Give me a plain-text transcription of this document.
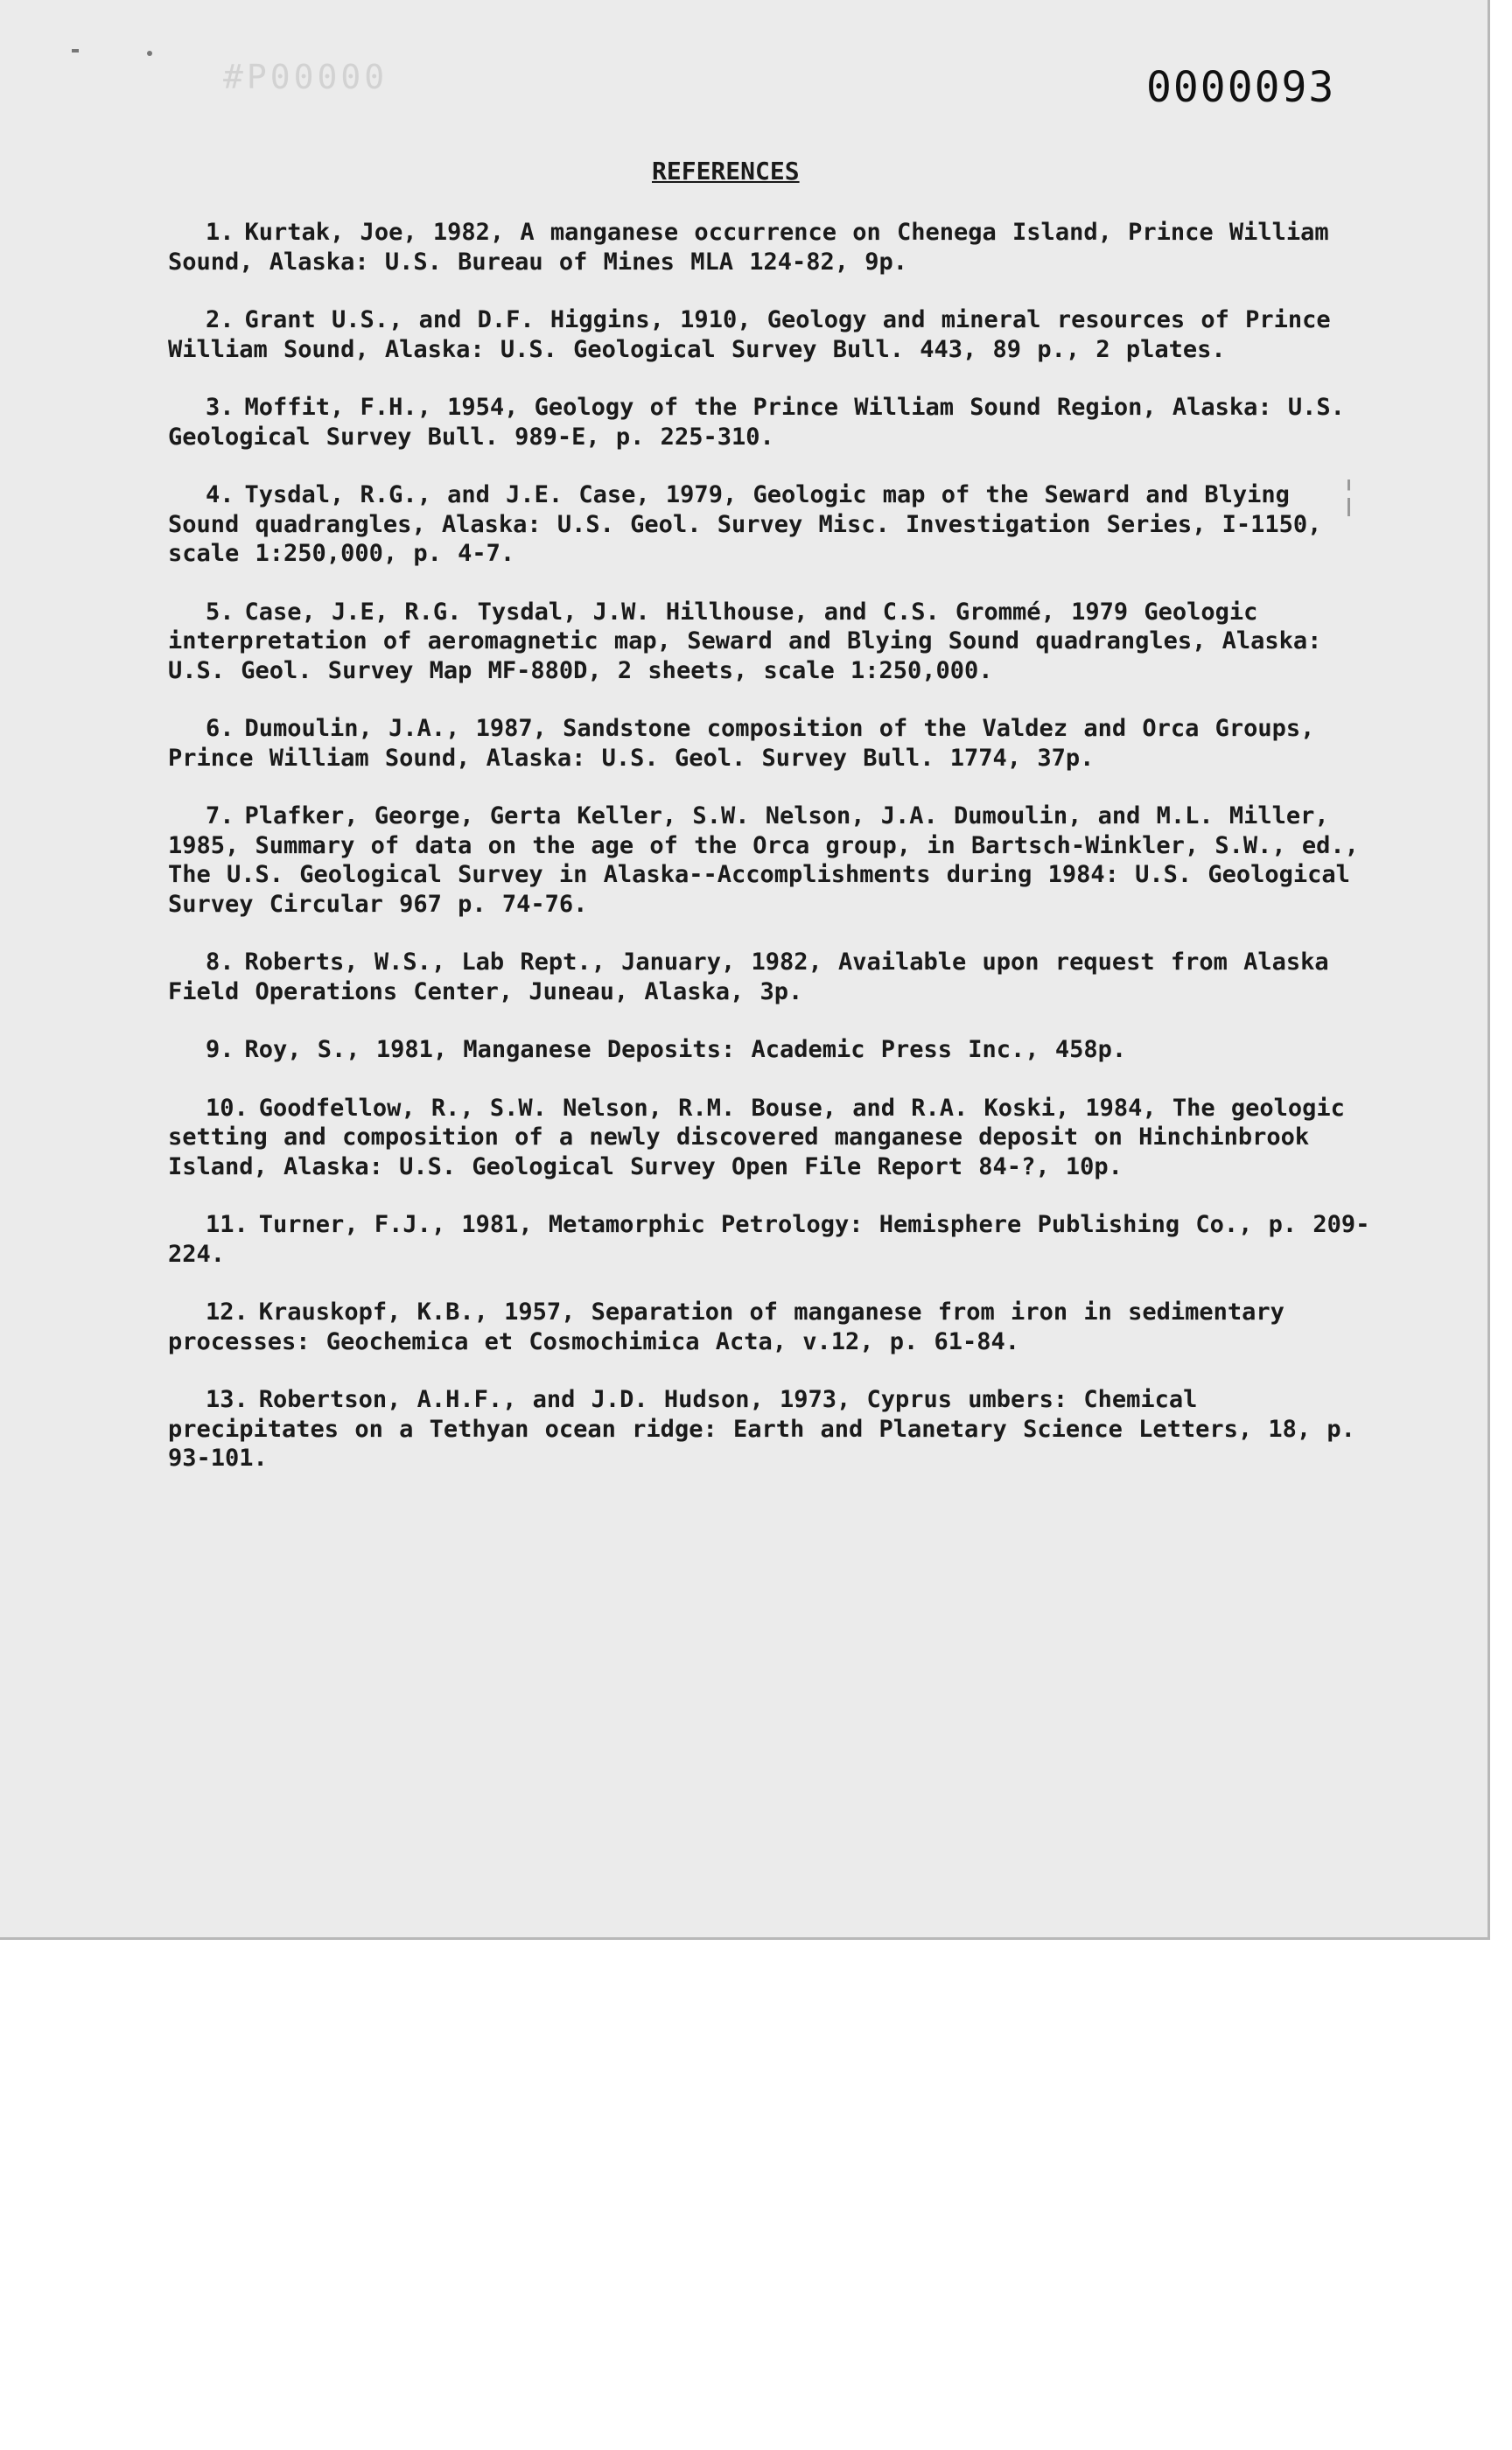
#P00000	0000093
REFERENCES

1. Kurtak, Joe, 1982, A manganese occurrence on Chenega Island, Prince William Sound, Alaska: U.S. Bureau of Mines MLA 124-82, 9p.

2. Grant U.S., and D.F. Higgins, 1910, Geology and mineral resources of Prince William Sound, Alaska: U.S. Geological Survey Bull. 443, 89 p., 2 plates.

3. Moffit, F.H., 1954, Geology of the Prince William Sound Region, Alaska: U.S. Geological Survey Bull. 989-E, p. 225-310.

4. Tysdal, R.G., and J.E. Case, 1979, Geologic map of the Seward and Blying Sound quadrangles, Alaska: U.S. Geol. Survey Misc. Investigation Series, I-1150, scale 1:250,000, p. 4-7.

5. Case, J.E, R.G. Tysdal, J.W. Hillhouse, and C.S. Grommé, 1979 Geologic interpretation of aeromagnetic map, Seward and Blying Sound quadrangles, Alaska: U.S. Geol. Survey Map MF-880D, 2 sheets, scale 1:250,000.

6. Dumoulin, J.A., 1987, Sandstone composition of the Valdez and Orca Groups, Prince William Sound, Alaska: U.S. Geol. Survey Bull. 1774, 37p.

7. Plafker, George, Gerta Keller, S.W. Nelson, J.A. Dumoulin, and M.L. Miller, 1985, Summary of data on the age of the Orca group, in Bartsch-Winkler, S.W., ed., The U.S. Geological Survey in Alaska--Accomplishments during 1984: U.S. Geological Survey Circular 967 p. 74-76.

8. Roberts, W.S., Lab Rept., January, 1982, Available upon request from Alaska Field Operations Center, Juneau, Alaska, 3p.

9. Roy, S., 1981, Manganese Deposits: Academic Press Inc., 458p.

10. Goodfellow, R., S.W. Nelson, R.M. Bouse, and R.A. Koski, 1984, The geologic setting and composition of a newly discovered manganese deposit on Hinchinbrook Island, Alaska: U.S. Geological Survey Open File Report 84-?, 10p.

11. Turner, F.J., 1981, Metamorphic Petrology: Hemisphere Publishing Co., p. 209-224.

12. Krauskopf, K.B., 1957, Separation of manganese from iron in sedimentary processes: Geochemica et Cosmochimica Acta, v.12, p. 61-84.

13. Robertson, A.H.F., and J.D. Hudson, 1973, Cyprus umbers: Chemical precipitates on a Tethyan ocean ridge: Earth and Planetary Science Letters, 18, p. 93-101.
